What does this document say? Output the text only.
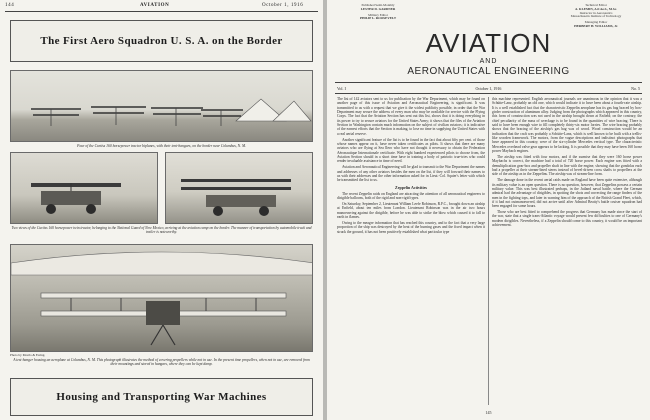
144	AVIATION	October 1, 1916
The First Aero Squadron U. S. A. on the Border
Four of the Curtiss 160 horsepower tractor biplanes, with their tent-hangars, on the border near Columbus, N. M.
Two views of the Curtiss 160 horsepower twin tractor, belonging to the National Guard of New Mexico, arriving at the aviation camp on the border. The manner of transportation by automobile truck and trailer is noteworthy.
Photo by Morris & Ewing.
A test-hanger housing an aeroplane at Columbus, N. M. This photograph illustrates the method of covering propellers while not in use. In the present time propellers, when not in use, are removed from their mountings and stored in hangars, where they can be kept damp.
Housing and Transporting War Machines
Published Semi-Monthly
LESTER D. GARDNER
Military Editor
PHILIP L. ROOSEVELT
Technical Editor
A. KLEMIN, A.F.Ae.S., M.Sc.
Instructor in Aeronautics
Massachusetts Institute of Technology
Managing Editor
HERBERT H. WILLIAMS, Jr.
AVIATION
AND
AERONAUTICAL ENGINEERING
Vol. I	October 1, 1916	No. 5

The list of 142 aviators sent to us for publication by the War Department, which may be found on another page of this issue of Aviation and Aeronautical Engineering, is significant. It was transmitted to us with a request that we give it the widest publicity possible, in order that the War Department may secure the address of every man who may be available for service with the Flying Corps. The fact that the Aviation Section has sent out this list, shows that it is doing everything in its power to try to secure aviators for the United States Army; it shows that the files of the Aviation Section in Washington contain much information on the subject of civilian aviators; it is indicative of the earnest efforts that the Section is making, to lose no time in supplying the United States with a real aerial reserve.

Another significant feature of the list is to be found in the fact that about fifty per cent. of those whose names appear on it, have never taken certificates as pilots. It shows that there are many aviators who are flying at Sea Ilero who have not thought it necessary to obtain the Federation Aéronautique Internationale certificate. With eight hundred experienced pilots to choose from, the Aviation Section should in a short time have in training a body of patriotic true-tries who could render invaluable assistance in time of need.

Aviation and Aeronautical Engineering will be glad to transmit to the War Department the names and addresses of any other aviators besides the men on the list, if they will forward their names to us with their addresses and the other information asked for in Lieut.-Col. Squier's letter with which he transmitted the list to us.

Zeppelin Activities

The recent Zeppelin raids on England are attracting the attention of all aeronautical engineers to dirigible balloons, both of the rigid and non-rigid types.

On Saturday, September 2, Lieutenant William Leefe Robinson, R.F.C., brought down an airship at Enfield, about ten miles from London. Lieutenant Robinson was in the air two hours manoeuvring against the dirigible, before he was able to strike the blow which caused it to fall to earth in flames.

Owing to the meagre information that has reached this country, and to the fact that a very large proportion of the ship was destroyed by the heat of the burning gases and the fixed impact when it struck the ground, it has not been positively established what particular type

this machine represented. English aeronautical journals are unanimous in the opinion that it was a Schütte-Lanz, probably an old one, which would indicate it to have been about a fourth-rate airship. It is a well established fact that the characteristic Zeppelin aeroplane has its gas bag braced by box-girder construction of aluminum alloy. Judging from the photographs which appeared in this country, this form of construction was not used in the airship brought down at Enfield; on the contrary, the chief peculiarity of the mass of wreckage is to be found in the quantities of wire bracing. There is said to have been enough wire to fill completely thirty-six motor lorries. The wire bracing probably shows that the bracing of the airship's gas bag was of wood. Wood construction would be an indication that the craft was probably a Schütte-Lanz, which is well known to be built with a trellis-like wooden framework. The motors, from the vague descriptions and indistinct photographs that have appeared in this country, were of the six-cylinder Mercedes vertical type. The characteristic Mercedes overhead valve gear appears to be lacking. It is possible that they may have been 160 horse power Maybach engines.

The airship was fitted with four motors, and if the surmise that they were 160 horse power Maybachs is correct, the machine had a total of 720 horse power. Each engine was fitted with a demultiplication gear-box and propeller shaft in line with the engine, showing that the gondolas each had a propeller at their stream-lined sterns instead of bevel-driven cross shafts to propellers at the side of the airship as in the Zeppelins. The airship was of stream-line form.

The damage done in the recent aerial raids made on England have been quite extensive, although its military value is an open question. There is no question, however, that Zeppelins possess a certain military value. This was best illustrated perhaps, in the Jutland naval battle, where the German admiral had the advantage of dirigibles, in spotting the shots and correcting the range finders of the men in the fighting tops, and later in warning him of the approach of the British Grand Fleet, which, if it had not outmanoeuvred, did not arrive until after Admiral Beatty's battle cruiser squadron had been engaged for some hours.

Those who are best fitted to comprehend the progress that Germany has made since the start of the war, state that a single trans-Atlantic voyage would present few difficulties to one of Germany's modern dirigibles. Nevertheless, if a Zeppelin should come to this country, it would be an important achievement.

145
